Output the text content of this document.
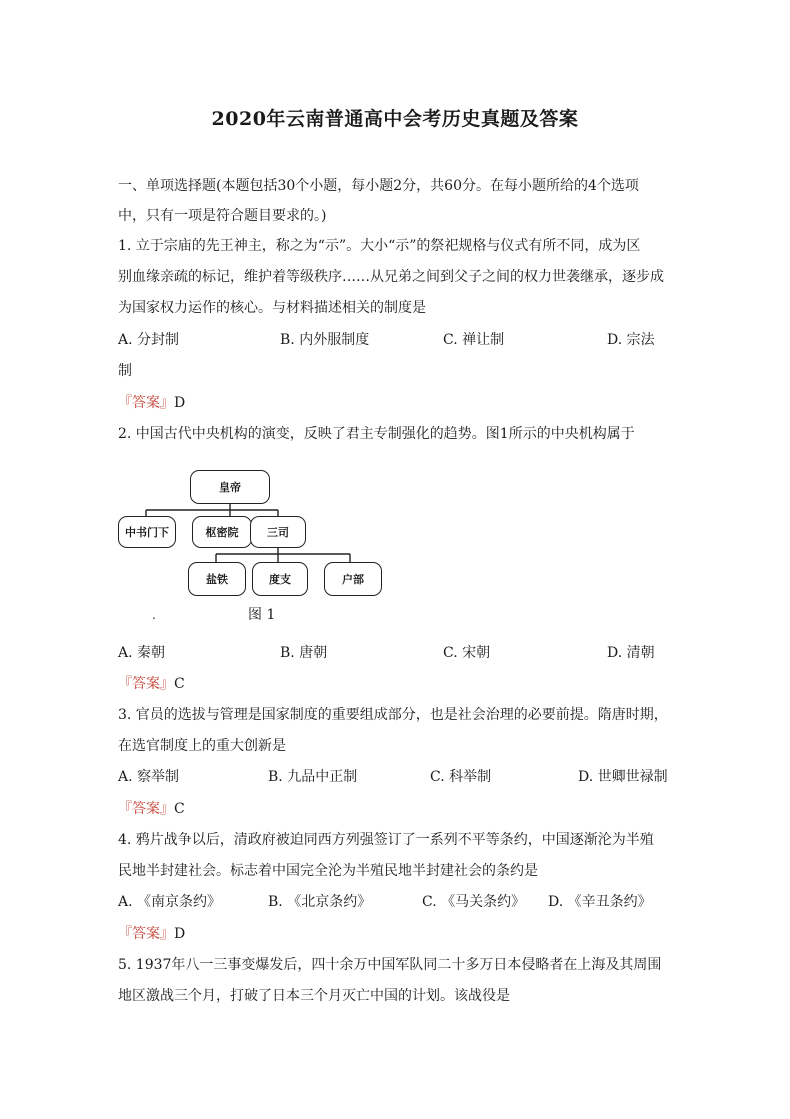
2020年云南普通高中会考历史真题及答案
一、单项选择题(本题包括30个小题，每小题2分，共60分。在每小题所给的4个选项
中，只有一项是符合题目要求的。)
1. 立于宗庙的先王神主，称之为“示”。大小“示”的祭祀规格与仪式有所不同，成为区
别血缘亲疏的标记，维护着等级秩序……从兄弟之间到父子之间的权力世袭继承，逐步成
为国家权力运作的核心。与材料描述相关的制度是
A. 分封制	B. 内外服制度	C. 禅让制	D. 宗法
制
『答案』D
2. 中国古代中央机构的演变，反映了君主专制强化的趋势。图1所示的中央机构属于
皇帝
中书门下	枢密院	三司
盐铁	度支	户部
.	图 1
A. 秦朝	B. 唐朝	C. 宋朝	D. 清朝
『答案』C
3. 官员的选拔与管理是国家制度的重要组成部分，也是社会治理的必要前提。隋唐时期，
在选官制度上的重大创新是
A. 察举制	B. 九品中正制	C. 科举制	D. 世卿世禄制
『答案』C
4. 鸦片战争以后，清政府被迫同西方列强签订了一系列不平等条约，中国逐渐沦为半殖
民地半封建社会。标志着中国完全沦为半殖民地半封建社会的条约是
A. 《南京条约》	B. 《北京条约》	C. 《马关条约》 D. 《辛丑条约》
『答案』D
5. 1937年八一三事变爆发后，四十余万中国军队同二十多万日本侵略者在上海及其周围
地区激战三个月，打破了日本三个月灭亡中国的计划。该战役是
